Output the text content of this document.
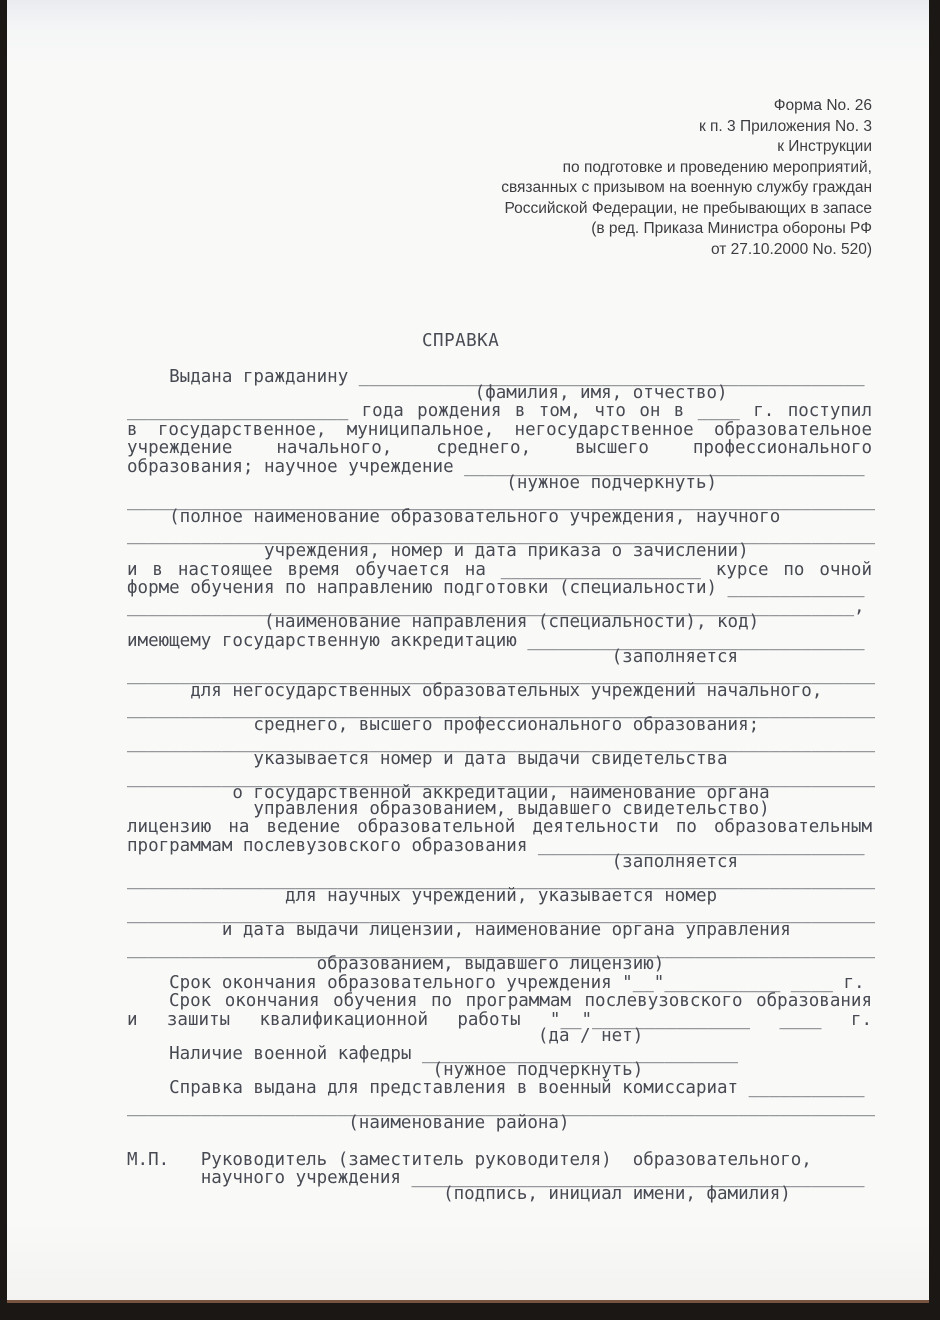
Форма No. 26
к п. 3 Приложения No. 3
к Инструкции
по подготовке и проведению мероприятий,
связанных с призывом на военную службу граждан
Российской Федерации, не пребывающих в запасе
(в ред. Приказа Министра обороны РФ
от 27.10.2000 No. 520)
СПРАВКА
Выдана гражданину ________________________________________________
(фамилия, имя, отчество)
_____________________ года рождения в том, что он в ____ г. поступил
в государственное, муниципальное, негосударственное образовательное
учреждение начального, среднего, высшего профессионального
образования; научное учреждение ______________________________________
(нужное подчеркнуть)
_______________________________________________________________________
(полное наименование образовательного учреждения, научного
_______________________________________________________________________
учреждения, номер и дата приказа о зачислении)
и в настоящее время обучается на ___________________ курсе по очной
форме обучения по направлению подготовки (специальности) _____________
_____________________________________________________________________,
(наименование направления (специальности), код)
имеющему государственную аккредитацию ________________________________
(заполняется
_______________________________________________________________________
для негосударственных образовательных учреждений начального,
_______________________________________________________________________
среднего, высшего профессионального образования;
_______________________________________________________________________
указывается номер и дата выдачи свидетельства
_______________________________________________________________________
о государственной аккредитации, наименование органа
управления образованием, выдавшего свидетельство)
лицензию на ведение образовательной деятельности по образовательным
программам послевузовского образования _______________________________
(заполняется
_______________________________________________________________________
для научных учреждений, указывается номер
_______________________________________________________________________
и дата выдачи лицензии, наименование органа управления
_______________________________________________________________________
образованием, выдавшего лицензию)
Срок окончания образовательного учреждения "__"___________ ____ г.
Срок окончания обучения по программам послевузовского образования
и зашиты квалификационной работы "__"_______________ ____ г.
(да / нет)
Наличие военной кафедры ______________________________
(нужное подчеркнуть)
Справка выдана для представления в военный комиссариат ___________
_______________________________________________________________________
(наименование района)
М.П.   Руководитель (заместитель руководителя)  образовательного,
научного учреждения ___________________________________________
(подпись, инициал имени, фамилия)
